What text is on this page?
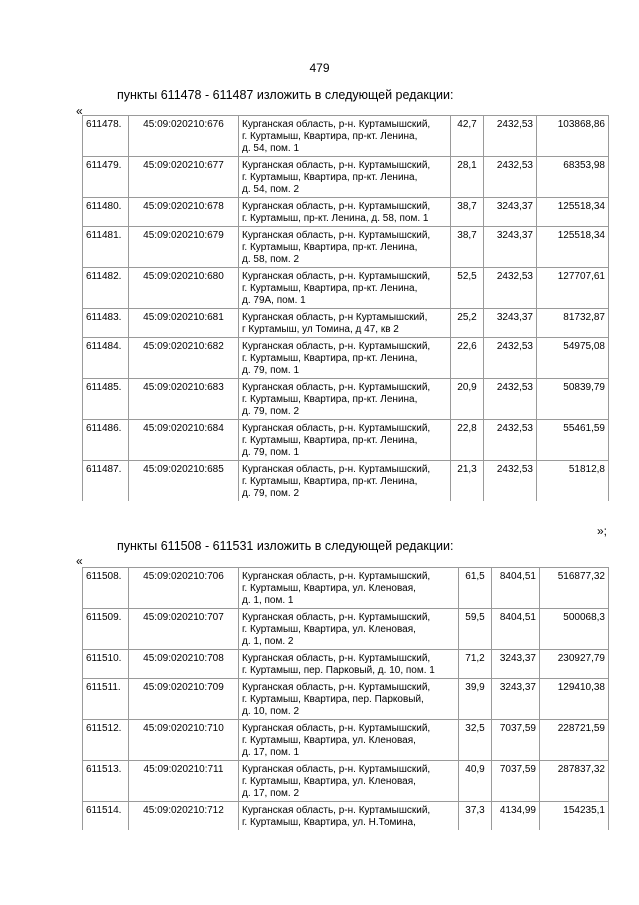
479
пункты 611478 - 611487 изложить в следующей редакции:
«
611478.	45:09:020210:676	Курганская область, р-н. Куртамышский,
г. Куртамыш, Квартира, пр-кт. Ленина,
д. 54, пом. 1	42,7	2432,53	103868,86
611479.	45:09:020210:677	Курганская область, р-н. Куртамышский,
г. Куртамыш, Квартира, пр-кт. Ленина,
д. 54, пом. 2	28,1	2432,53	68353,98
611480.	45:09:020210:678	Курганская область, р-н. Куртамышский,
г. Куртамыш, пр-кт. Ленина, д. 58, пом. 1	38,7	3243,37	125518,34
611481.	45:09:020210:679	Курганская область, р-н. Куртамышский,
г. Куртамыш, Квартира, пр-кт. Ленина,
д. 58, пом. 2	38,7	3243,37	125518,34
611482.	45:09:020210:680	Курганская область, р-н. Куртамышский,
г. Куртамыш, Квартира, пр-кт. Ленина,
д. 79А, пом. 1	52,5	2432,53	127707,61
611483.	45:09:020210:681	Курганская область, р-н Куртамышский,
г Куртамыш, ул Томина, д 47, кв 2	25,2	3243,37	81732,87
611484.	45:09:020210:682	Курганская область, р-н. Куртамышский,
г. Куртамыш, Квартира, пр-кт. Ленина,
д. 79, пом. 1	22,6	2432,53	54975,08
611485.	45:09:020210:683	Курганская область, р-н. Куртамышский,
г. Куртамыш, Квартира, пр-кт. Ленина,
д. 79, пом. 2	20,9	2432,53	50839,79
611486.	45:09:020210:684	Курганская область, р-н. Куртамышский,
г. Куртамыш, Квартира, пр-кт. Ленина,
д. 79, пом. 1	22,8	2432,53	55461,59
611487.	45:09:020210:685	Курганская область, р-н. Куртамышский,
г. Куртамыш, Квартира, пр-кт. Ленина,
д. 79, пом. 2	21,3	2432,53	51812,8
»;
пункты 611508 - 611531 изложить в следующей редакции:
«
611508.	45:09:020210:706	Курганская область, р-н. Куртамышский,
г. Куртамыш, Квартира, ул. Кленовая,
д. 1, пом. 1	61,5	8404,51	516877,32
611509.	45:09:020210:707	Курганская область, р-н. Куртамышский,
г. Куртамыш, Квартира, ул. Кленовая,
д. 1, пом. 2	59,5	8404,51	500068,3
611510.	45:09:020210:708	Курганская область, р-н. Куртамышский,
г. Куртамыш, пер. Парковый, д. 10, пом. 1	71,2	3243,37	230927,79
611511.	45:09:020210:709	Курганская область, р-н. Куртамышский,
г. Куртамыш, Квартира, пер. Парковый,
д. 10, пом. 2	39,9	3243,37	129410,38
611512.	45:09:020210:710	Курганская область, р-н. Куртамышский,
г. Куртамыш, Квартира, ул. Кленовая,
д. 17, пом. 1	32,5	7037,59	228721,59
611513.	45:09:020210:711	Курганская область, р-н. Куртамышский,
г. Куртамыш, Квартира, ул. Кленовая,
д. 17, пом. 2	40,9	7037,59	287837,32
611514.	45:09:020210:712	Курганская область, р-н. Куртамышский,
г. Куртамыш, Квартира, ул. Н.Томина,	37,3	4134,99	154235,1
